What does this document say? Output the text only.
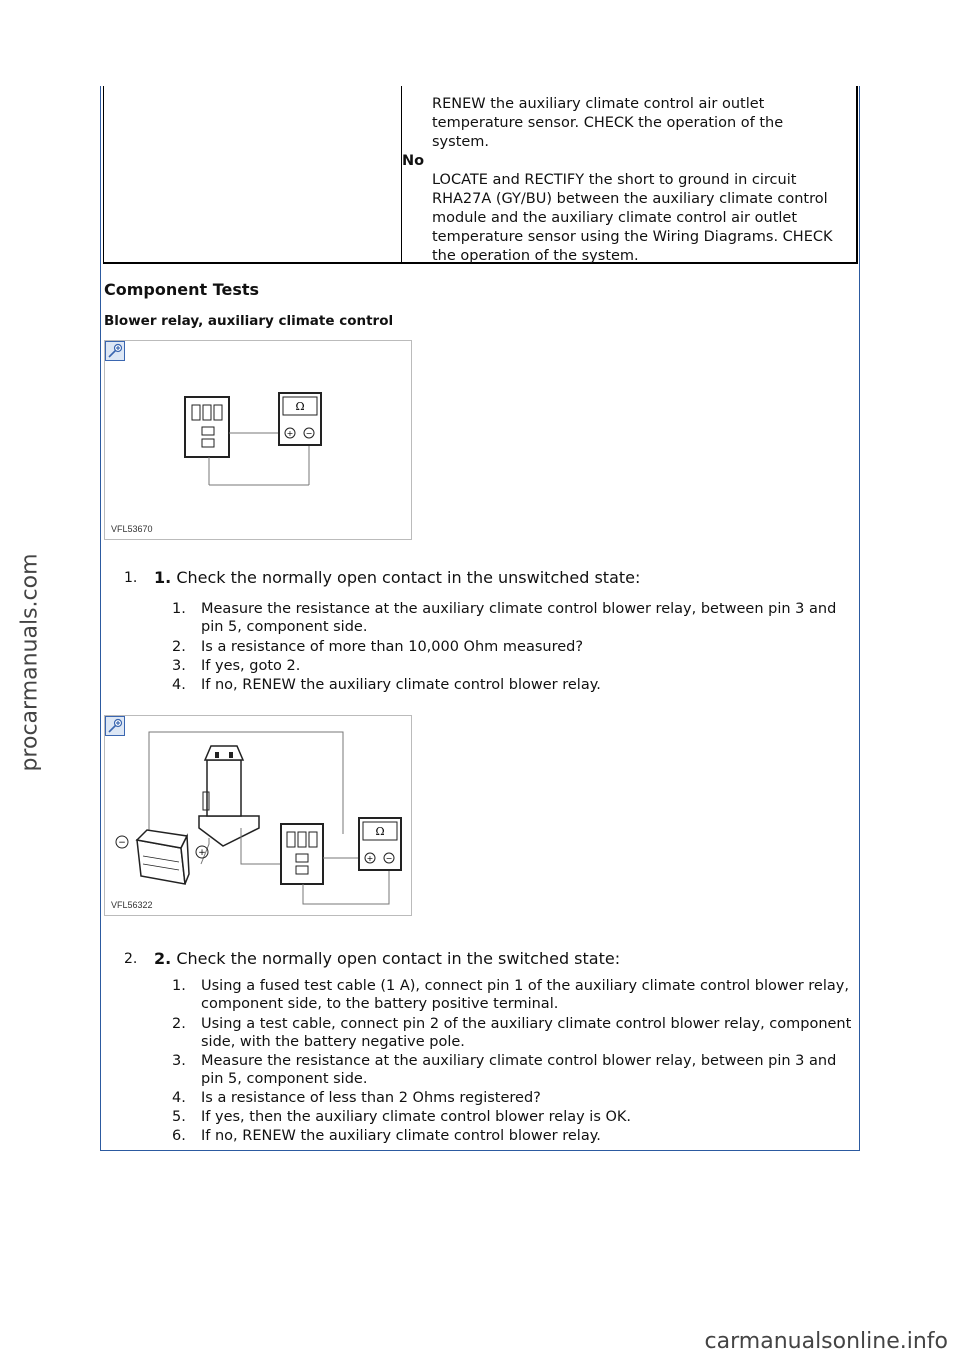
procarmanuals.com
carmanualsonline.info
RENEW the auxiliary climate control air outlet temperature sensor. CHECK the operation of the system.
No
LOCATE and RECTIFY the short to ground in circuit RHA27A (GY/BU) between the auxiliary climate control module and the auxiliary climate control air outlet temperature sensor using the Wiring Diagrams. CHECK the operation of the system.
Component Tests
Blower relay, auxiliary climate control
Ω
+ −
VFL53670
1. 1. Check the normally open contact in the unswitched state:
1. Measure the resistance at the auxiliary climate control blower relay, between pin 3 and pin 5, component side.
2. Is a resistance of more than 10,000 Ohm measured?
3. If yes, goto 2.
4. If no, RENEW the auxiliary climate control blower relay.
−
+
Ω
+ −
VFL56322
2. 2. Check the normally open contact in the switched state:
1. Using a fused test cable (1 A), connect pin 1 of the auxiliary climate control blower relay, component side, to the battery positive terminal.
2. Using a test cable, connect pin 2 of the auxiliary climate control blower relay, component side, with the battery negative pole.
3. Measure the resistance at the auxiliary climate control blower relay, between pin 3 and pin 5, component side.
4. Is a resistance of less than 2 Ohms registered?
5. If yes, then the auxiliary climate control blower relay is OK.
6. If no, RENEW the auxiliary climate control blower relay.
